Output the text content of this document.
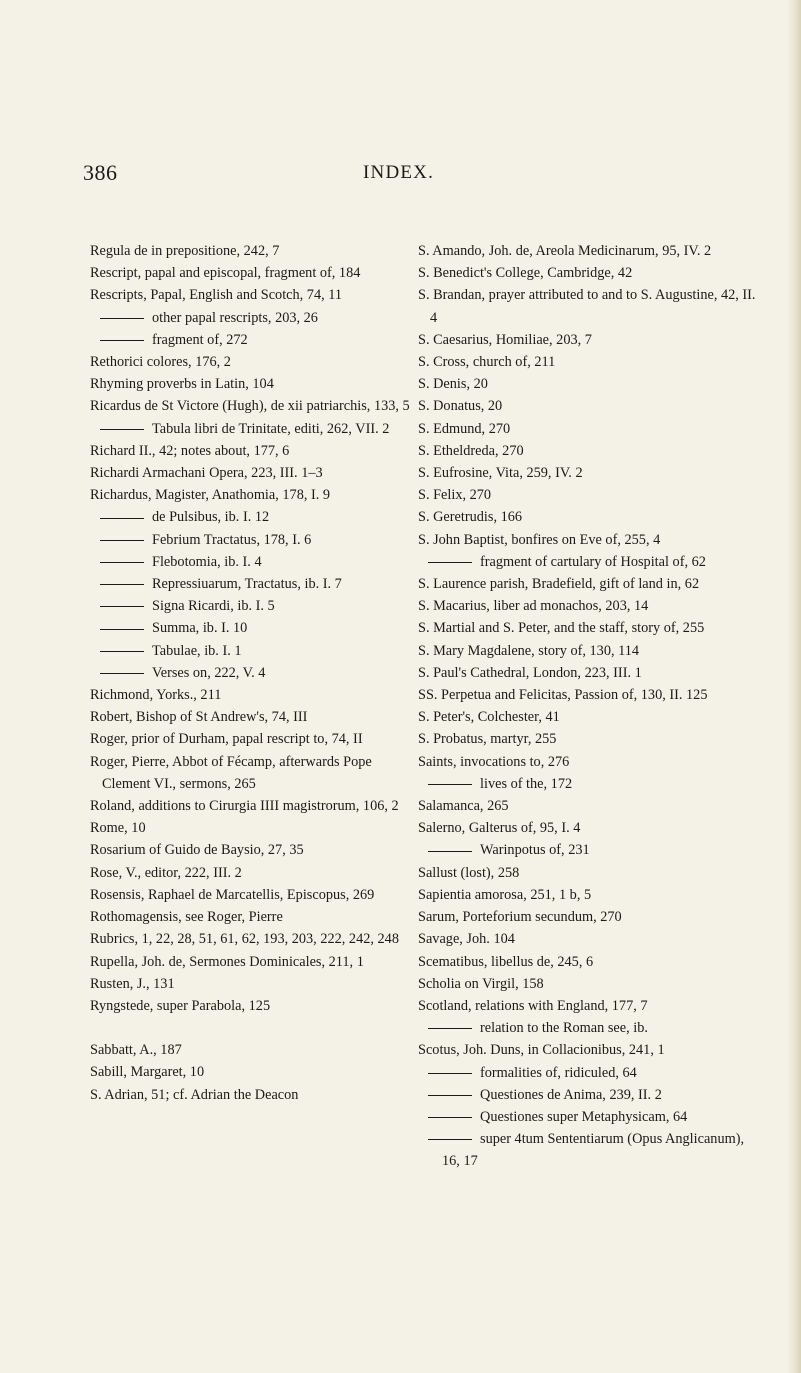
386	INDEX.

Regula de in prepositione, 242, 7

Rescript, papal and episcopal, fragment of, 184

Rescripts, Papal, English and Scotch, 74, 11

other papal rescripts, 203, 26

fragment of, 272

Rethorici colores, 176, 2

Rhyming proverbs in Latin, 104

Ricardus de St Victore (Hugh), de xii patriarchis, 133, 5

Tabula libri de Trinitate, editi, 262, VII. 2

Richard II., 42; notes about, 177, 6

Richardi Armachani Opera, 223, III. 1–3

Richardus, Magister, Anathomia, 178, I. 9

de Pulsibus, ib. I. 12

Febrium Tractatus, 178, I. 6

Flebotomia, ib. I. 4

Repressiuarum, Tractatus, ib. I. 7

Signa Ricardi, ib. I. 5

Summa, ib. I. 10

Tabulae, ib. I. 1

Verses on, 222, V. 4

Richmond, Yorks., 211

Robert, Bishop of St Andrew's, 74, III

Roger, prior of Durham, papal rescript to, 74, II

Roger, Pierre, Abbot of Fécamp, afterwards Pope Clement VI., sermons, 265

Roland, additions to Cirurgia IIII magistrorum, 106, 2

Rome, 10

Rosarium of Guido de Baysio, 27, 35

Rose, V., editor, 222, III. 2

Rosensis, Raphael de Marcatellis, Episcopus, 269

Rothomagensis, see Roger, Pierre

Rubrics, 1, 22, 28, 51, 61, 62, 193, 203, 222, 242, 248

Rupella, Joh. de, Sermones Dominicales, 211, 1

Rusten, J., 131

Ryngstede, super Parabola, 125

Sabbatt, A., 187

Sabill, Margaret, 10

S. Adrian, 51; cf. Adrian the Deacon

S. Amando, Joh. de, Areola Medicinarum, 95, IV. 2

S. Benedict's College, Cambridge, 42

S. Brandan, prayer attributed to and to S. Augustine, 42, II. 4

S. Caesarius, Homiliae, 203, 7

S. Cross, church of, 211

S. Denis, 20

S. Donatus, 20

S. Edmund, 270

S. Etheldreda, 270

S. Eufrosine, Vita, 259, IV. 2

S. Felix, 270

S. Geretrudis, 166

S. John Baptist, bonfires on Eve of, 255, 4

fragment of cartulary of Hospital of, 62

S. Laurence parish, Bradefield, gift of land in, 62

S. Macarius, liber ad monachos, 203, 14

S. Martial and S. Peter, and the staff, story of, 255

S. Mary Magdalene, story of, 130, 114

S. Paul's Cathedral, London, 223, III. 1

SS. Perpetua and Felicitas, Passion of, 130, II. 125

S. Peter's, Colchester, 41

S. Probatus, martyr, 255

Saints, invocations to, 276

lives of the, 172

Salamanca, 265

Salerno, Galterus of, 95, I. 4

Warinpotus of, 231

Sallust (lost), 258

Sapientia amorosa, 251, 1 b, 5

Sarum, Porteforium secundum, 270

Savage, Joh. 104

Scematibus, libellus de, 245, 6

Scholia on Virgil, 158

Scotland, relations with England, 177, 7

relation to the Roman see, ib.

Scotus, Joh. Duns, in Collacionibus, 241, 1

formalities of, ridiculed, 64

Questiones de Anima, 239, II. 2

Questiones super Metaphysicam, 64

super 4tum Sententiarum (Opus Anglicanum), 16, 17
